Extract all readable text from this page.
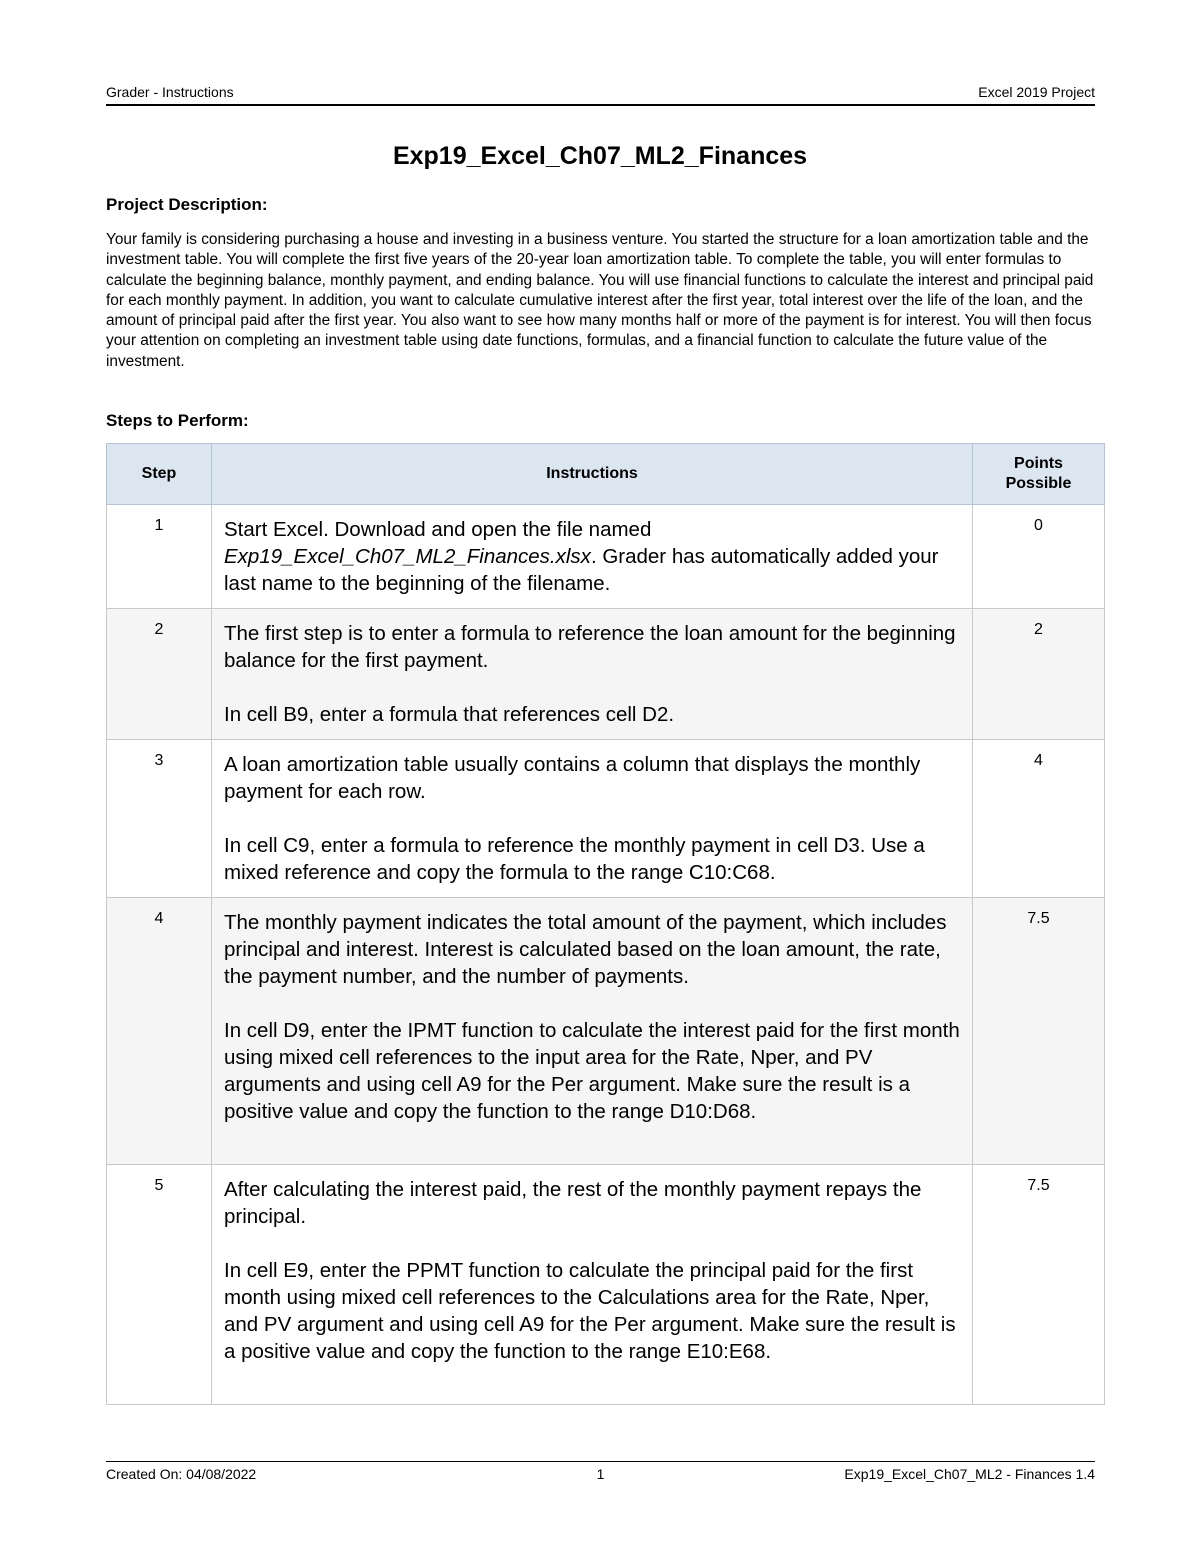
Grader - Instructions	Excel 2019 Project
Exp19_Excel_Ch07_ML2_Finances
Project Description:
Your family is considering purchasing a house and investing in a business venture. You started the structure for a loan amortization table and the investment table. You will complete the first five years of the 20-year loan amortization table. To complete the table, you will enter formulas to calculate the beginning balance, monthly payment, and ending balance. You will use financial functions to calculate the interest and principal paid for each monthly payment. In addition, you want to calculate cumulative interest after the first year, total interest over the life of the loan, and the amount of principal paid after the first year. You also want to see how many months half or more of the payment is for interest. You will then focus your attention on completing an investment table using date functions, formulas, and a financial function to calculate the future value of the investment.
Steps to Perform:
Step	Instructions	Points
Possible
1	Start Excel. Download and open the file named Exp19_Excel_Ch07_ML2_Finances.xlsx. Grader has automatically added your last name to the beginning of the filename.	0
2	The first step is to enter a formula to reference the loan amount for the beginning balance for the first payment.

In cell B9, enter a formula that references cell D2.	2
3	A loan amortization table usually contains a column that displays the monthly payment for each row.

In cell C9, enter a formula to reference the monthly payment in cell D3. Use a mixed reference and copy the formula to the range C10:C68.	4
4	The monthly payment indicates the total amount of the payment, which includes principal and interest. Interest is calculated based on the loan amount, the rate, the payment number, and the number of payments.

In cell D9, enter the IPMT function to calculate the interest paid for the first month using mixed cell references to the input area for the Rate, Nper, and PV arguments and using cell A9 for the Per argument. Make sure the result is a positive value and copy the function to the range D10:D68.	7.5
5	After calculating the interest paid, the rest of the monthly payment repays the principal.

In cell E9, enter the PPMT function to calculate the principal paid for the first month using mixed cell references to the Calculations area for the Rate, Nper, and PV argument and using cell A9 for the Per argument. Make sure the result is a positive value and copy the function to the range E10:E68.	7.5
Created On: 04/08/2022	1	Exp19_Excel_Ch07_ML2 - Finances 1.4
